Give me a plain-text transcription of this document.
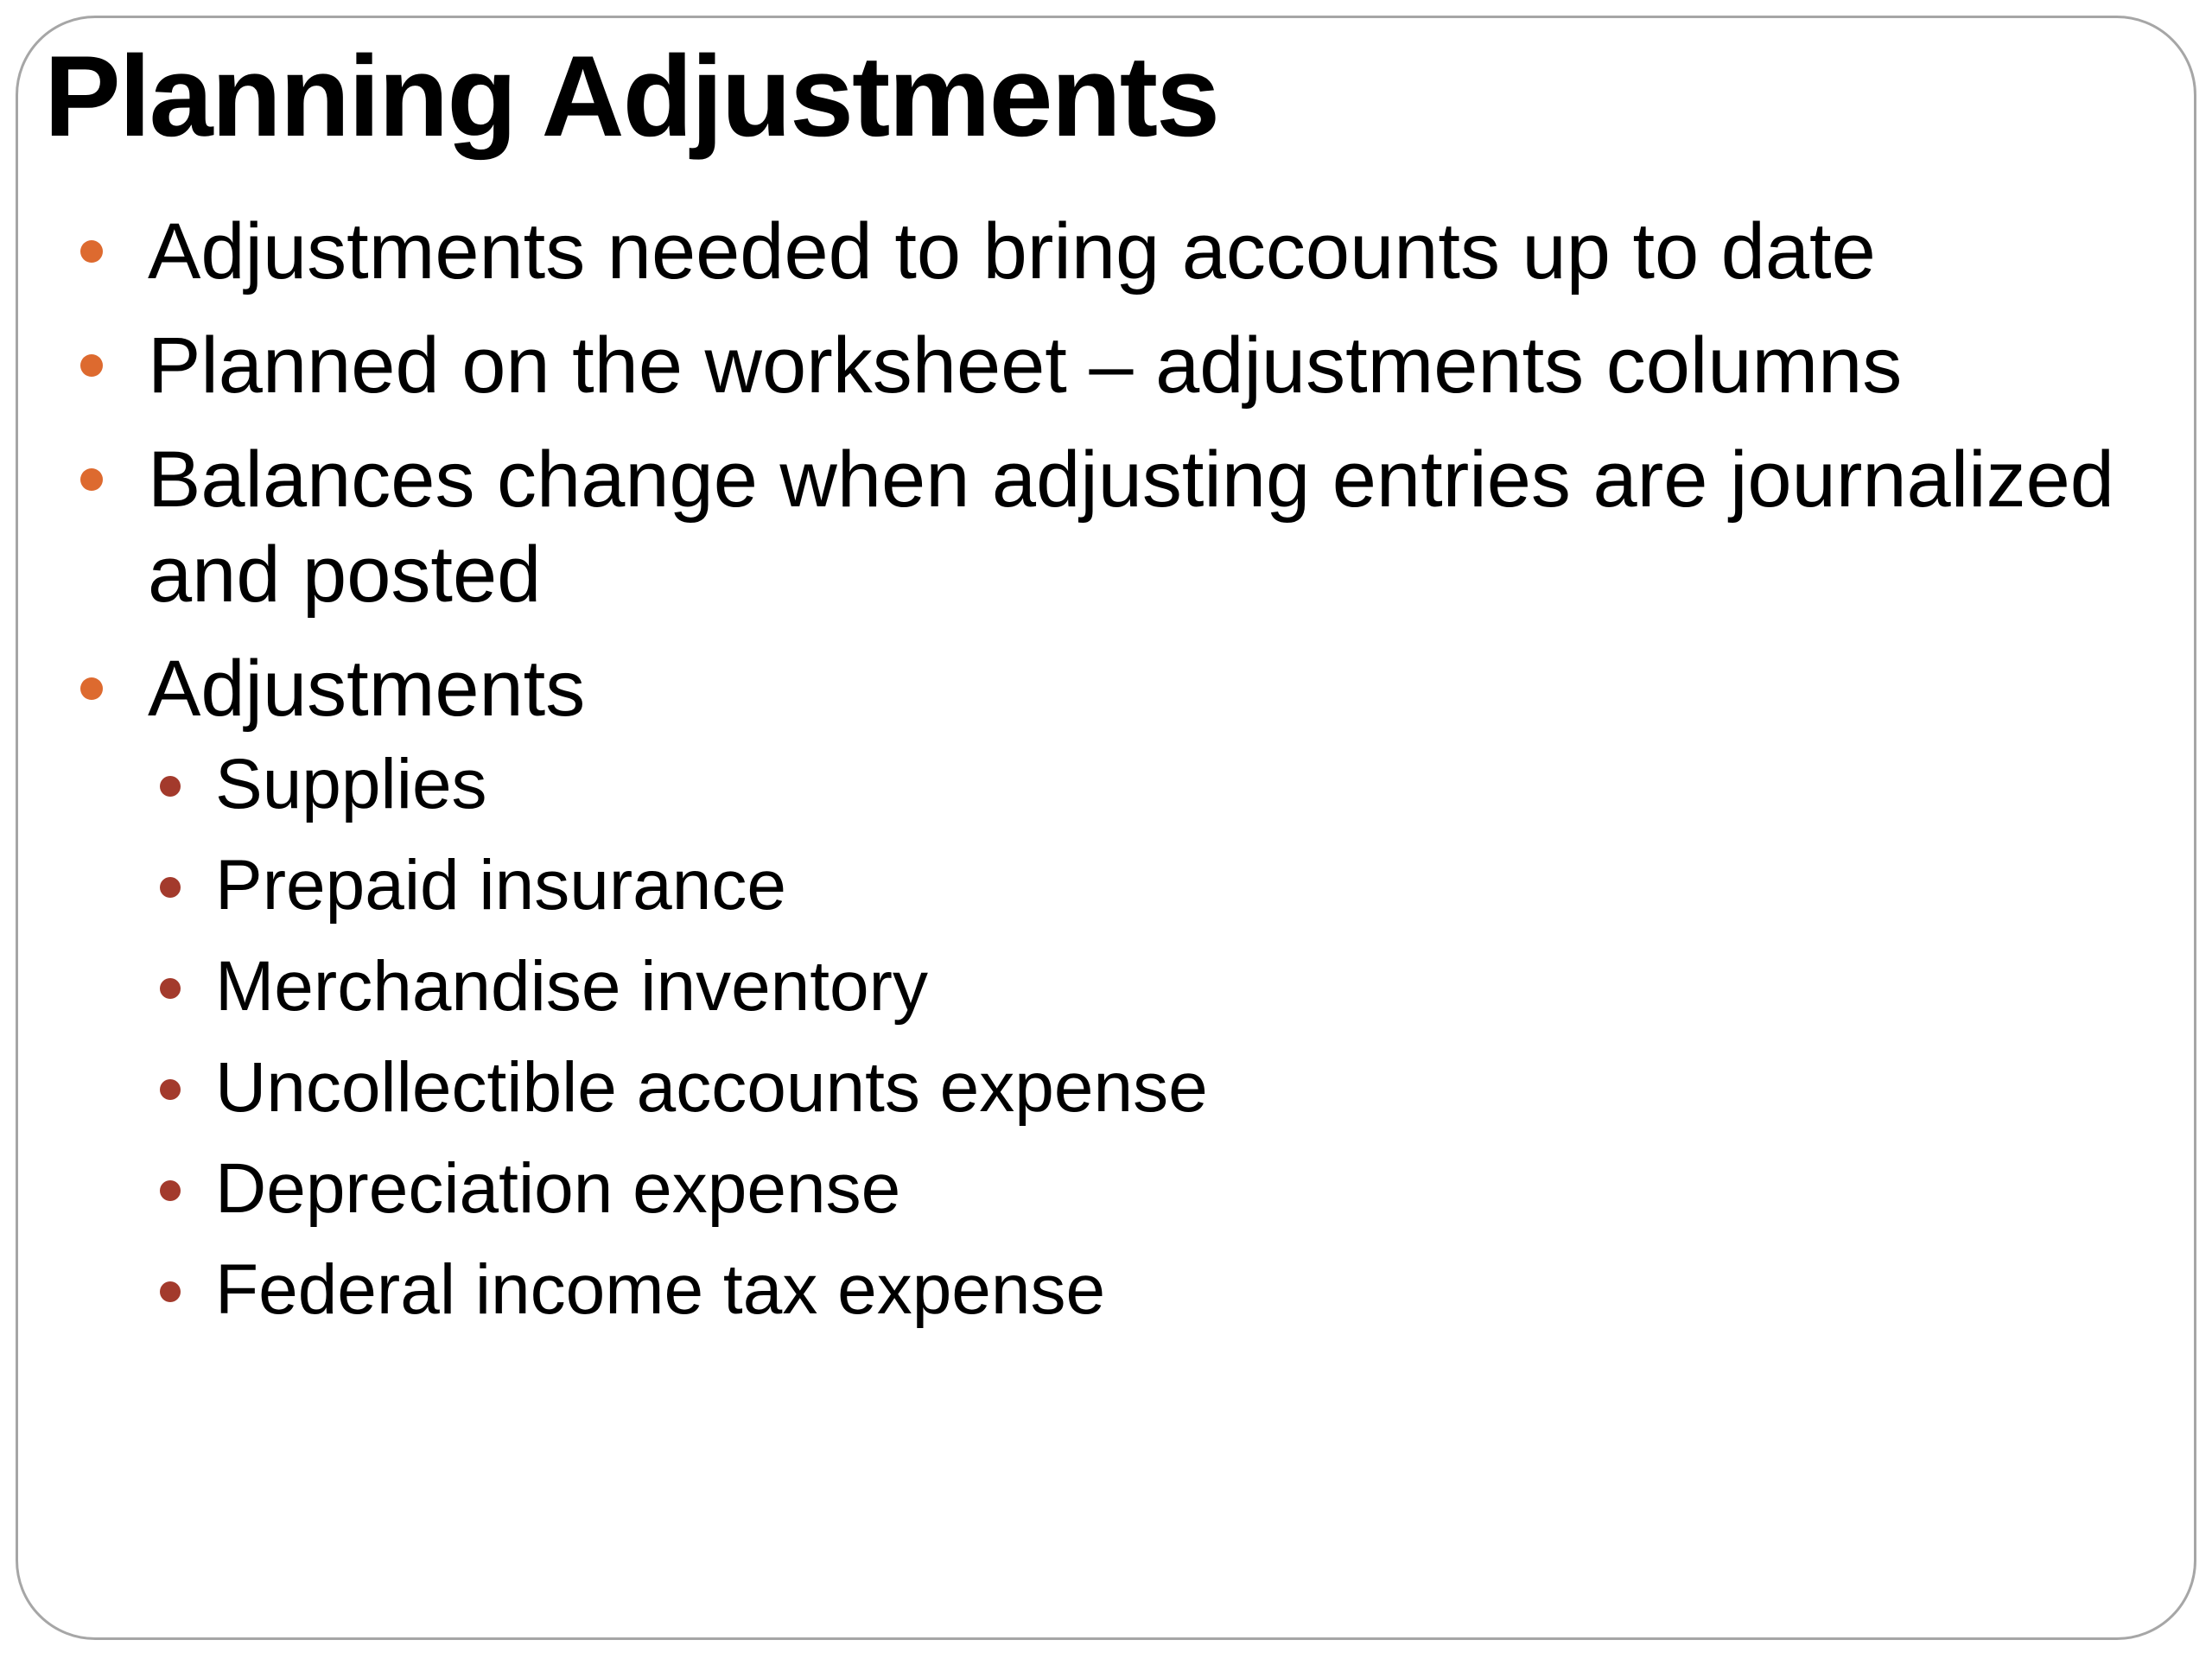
Planning Adjustments
Adjustments needed to bring accounts up to date
Planned on the worksheet – adjustments columns
Balances change when adjusting entries are journalized and posted
Adjustments
Supplies
Prepaid insurance
Merchandise inventory
Uncollectible accounts expense
Depreciation expense
Federal income tax expense
